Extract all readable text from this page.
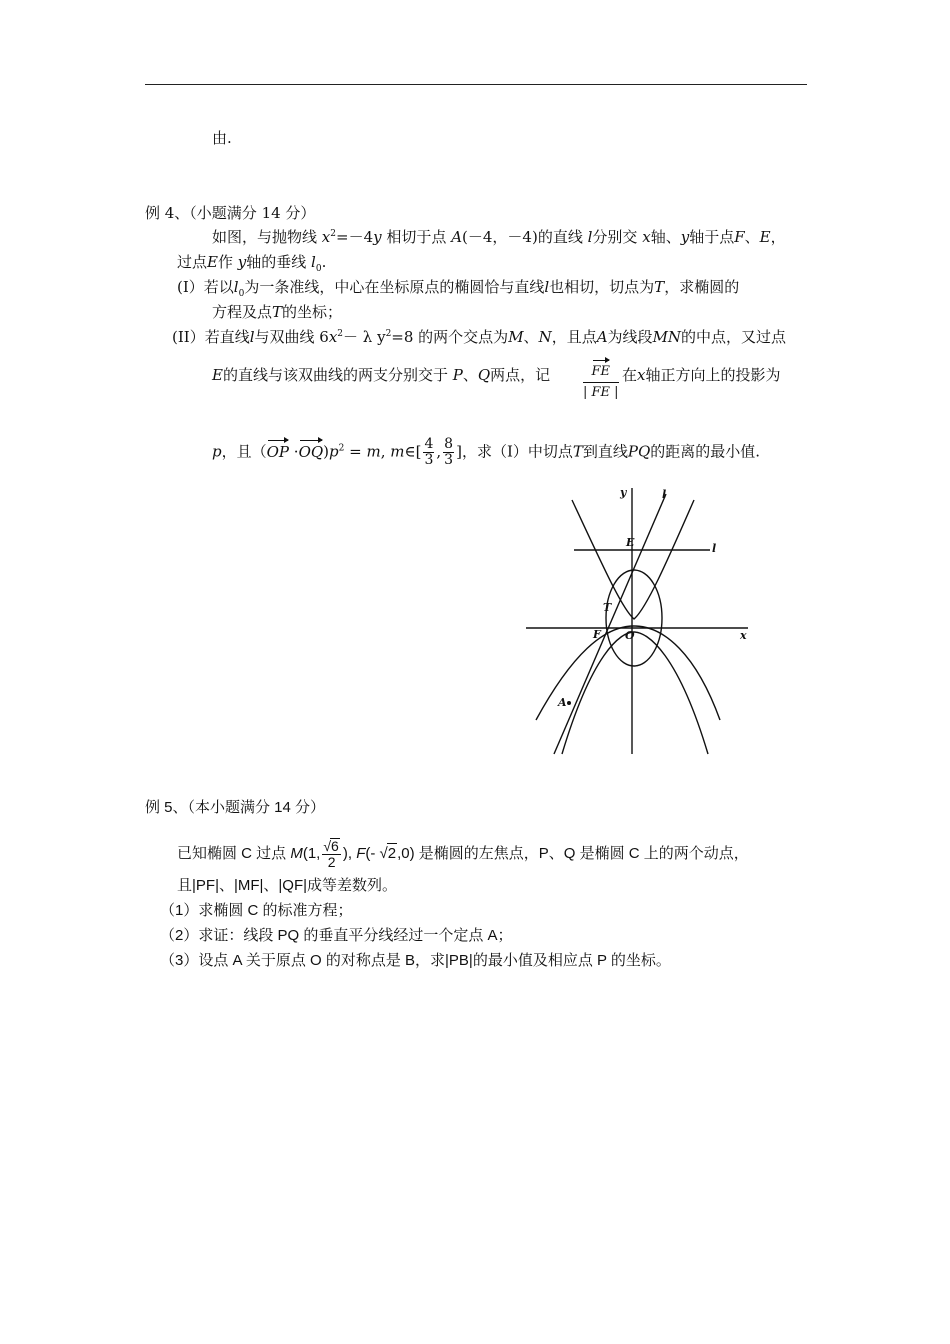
由.
例 4、（小题满分 14 分）
如图，与抛物线 $x^2=-4y$ 相切于点 A(－4，－4)的直线 l分别交 x轴、y轴于点F、E，
过点E作 y轴的垂线 $l_0$.
(I）若以$l_0$为一条准线，中心在坐标原点的椭圆恰与直线l也相切，切点为T，求椭圆的
方程及点T的坐标；
(II）若直线l与双曲线 $6x^2- \lambda$ $y^2=8$ 的两个交点为M、N，且点A为线段MN的中点，又过点
E的直线与该双曲线的两支分别交于 P、Q两点，记	FE
| FE |
在x轴正方向上的投影为
p，且$(OP \cdot OQ)p^2 = m$, m∈[ $\frac{4}{3}$ , $\frac{8}{3}$ ]，求（I）中切点T到直线PQ的距离的最小值.
y
x
l
E	l
T
F O
A
例 5、（本小题满分 14 分）
已知椭圆 C 过点 M(1, $\frac{√6}{2}$ ), F(- √2,0) 是椭圆的左焦点，P、Q 是椭圆 C 上的两个动点，
且|PF|、|MF|、|QF|成等差数列。
（1）求椭圆 C 的标准方程；
（2）求证：线段 PQ 的垂直平分线经过一个定点 A；
（3）设点 A 关于原点 O 的对称点是 B，求|PB|的最小值及相应点 P 的坐标。
